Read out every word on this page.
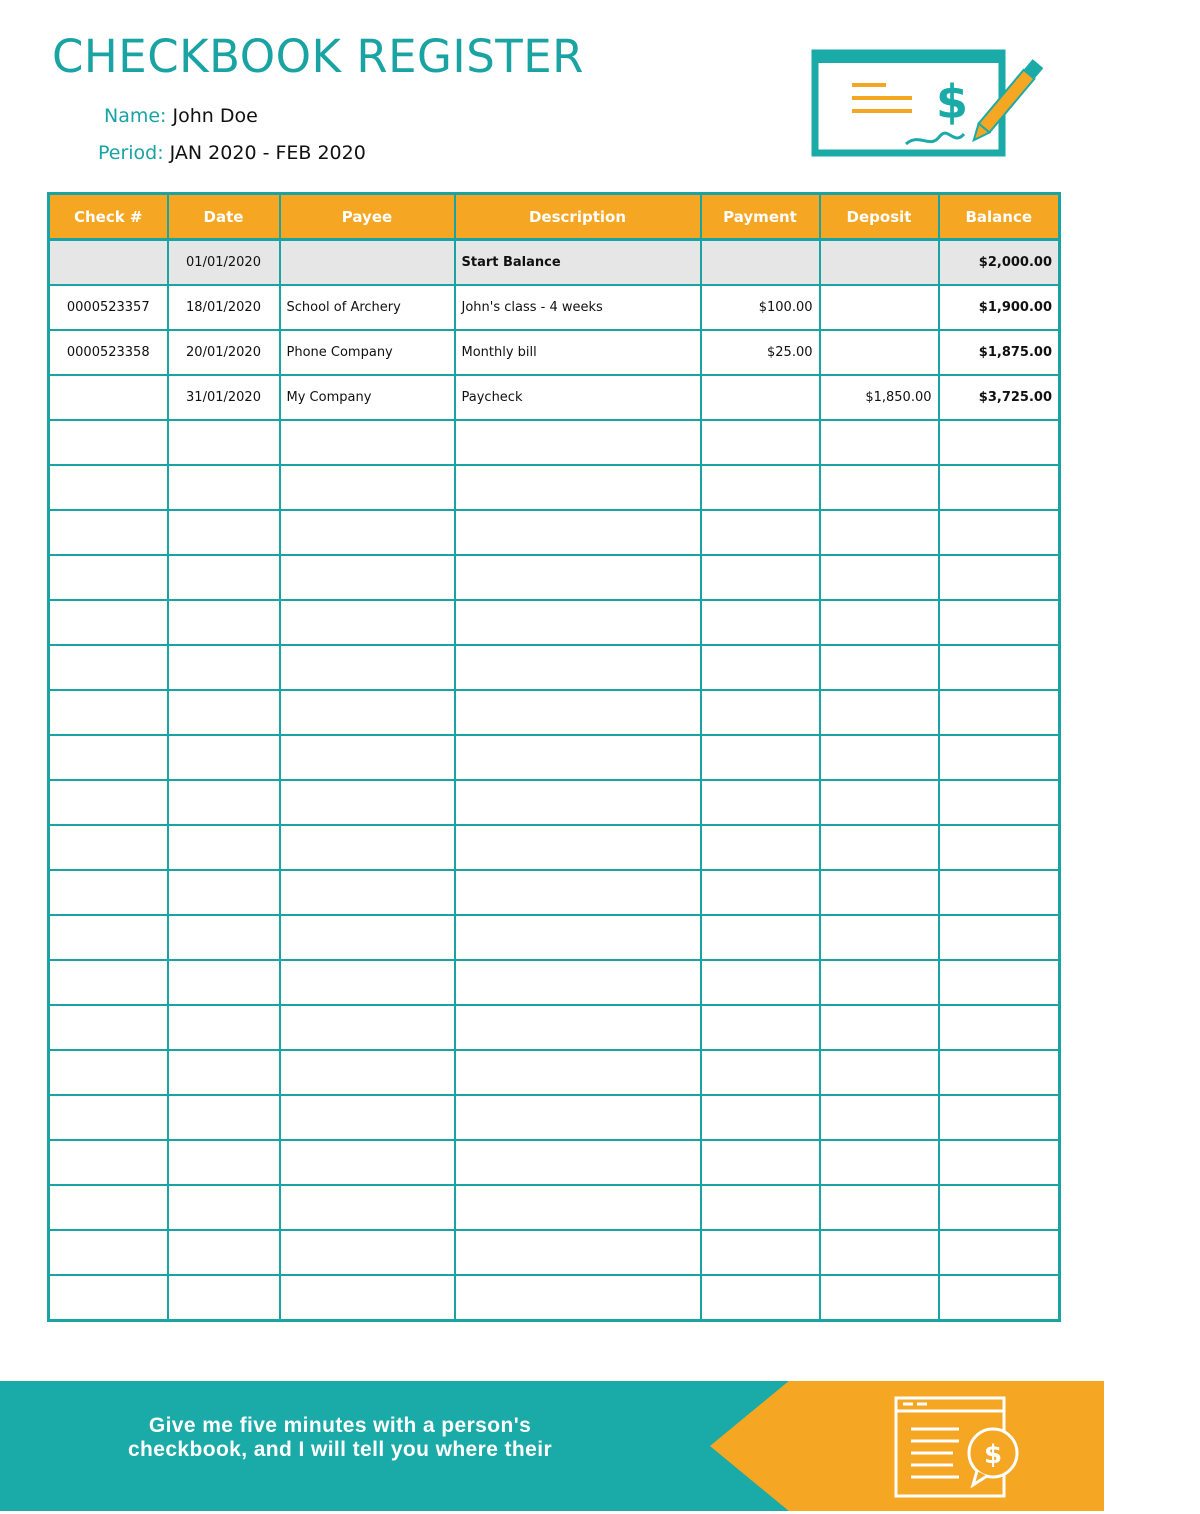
CHECKBOOK REGISTER
Name: John Doe
Period: JAN 2020 - FEB 2020
$
Check #	Date	Payee	Description	Payment	Deposit	Balance
	01/01/2020		Start Balance			$2,000.00
0000523357	18/01/2020	School of Archery	John's class - 4 weeks	$100.00		$1,900.00
0000523358	20/01/2020	Phone Company	Monthly bill	$25.00		$1,875.00
	31/01/2020	My Company	Paycheck		$1,850.00	$3,725.00

Give me five minutes with a person's
checkbook, and I will tell you where their	$
